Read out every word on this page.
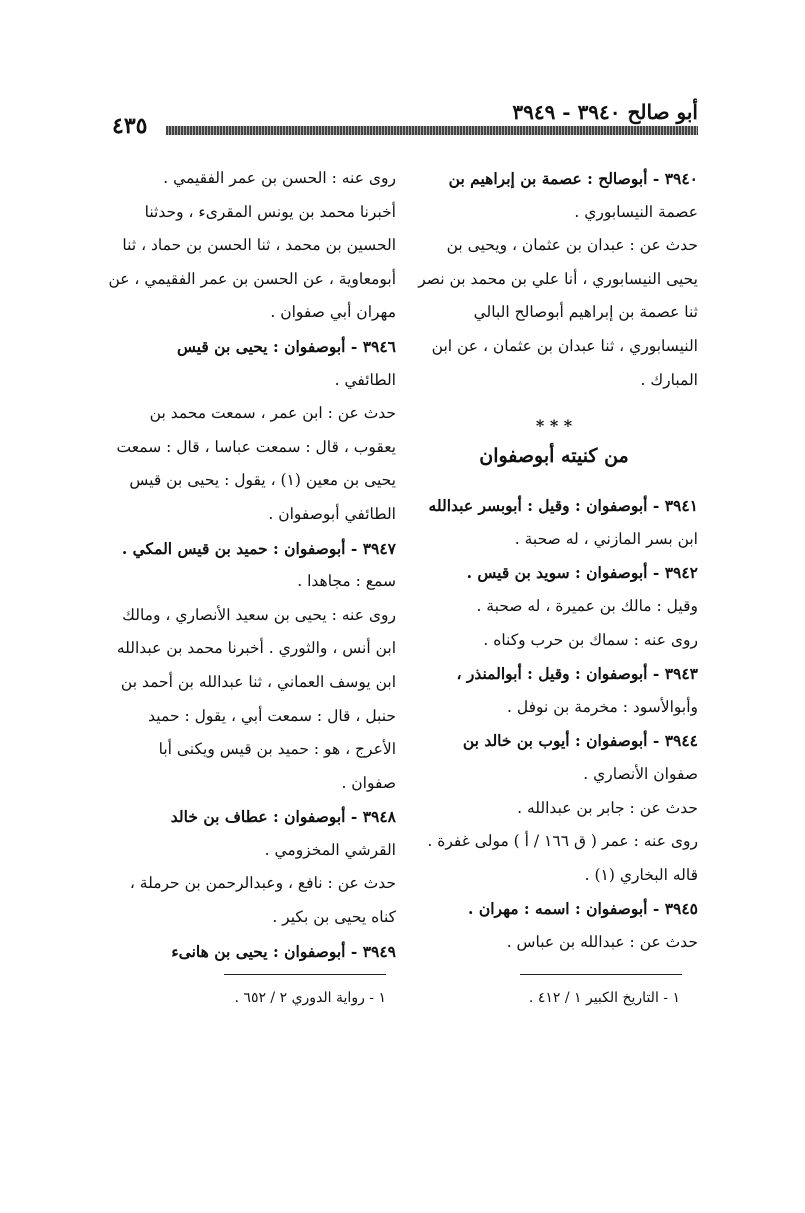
أبو صالح ٣٩٤٠ - ٣٩٤٩
٤٣٥

٣٩٤٠ - أبوصالح : عصمة بن إبراهيم بن

عصمة النيسابوري .

حدث عن : عبدان بن عثمان ، ويحيى بن

يحيى النيسابوري ، أنا علي بن محمد بن نصر

ثنا عصمة بن إبراهيم أبوصالح البالي

النيسابوري ، ثنا عبدان بن عثمان ، عن ابن

المبارك .

* * *
من كنيته أبوصفوان

٣٩٤١ - أبوصفوان : وقيل : أبوبسر عبدالله

ابن بسر المازني ، له صحبة .

٣٩٤٢ - أبوصفوان : سويد بن قيس .

وقيل : مالك بن عميرة ، له صحبة .

روى عنه : سماك بن حرب وكناه .

٣٩٤٣ - أبوصفوان : وقيل : أبوالمنذر ،

وأبوالأسود : مخرمة بن نوفل .

٣٩٤٤ - أبوصفوان : أيوب بن خالد بن

صفوان الأنصاري .

حدث عن : جابر بن عبدالله .

روى عنه : عمر ( ق ١٦٦ / أ ) مولى غفرة .

قاله البخاري (١) .

٣٩٤٥ - أبوصفوان : اسمه : مهران .

حدث عن : عبدالله بن عباس .

روى عنه : الحسن بن عمر الفقيمي .

أخبرنا محمد بن يونس المقرىء ، وحدثنا

الحسين بن محمد ، ثنا الحسن بن حماد ، ثنا

أبومعاوية ، عن الحسن بن عمر الفقيمي ، عن

مهران أبي صفوان .

٣٩٤٦ - أبوصفوان : يحيى بن قيس

الطائفي .

حدث عن : ابن عمر ، سمعت محمد بن

يعقوب ، قال : سمعت عباسا ، قال : سمعت

يحيى بن معين (١) ، يقول : يحيى بن قيس

الطائفي أبوصفوان .

٣٩٤٧ - أبوصفوان : حميد بن قيس المكي .

سمع : مجاهدا .

روى عنه : يحيى بن سعيد الأنصاري ، ومالك

ابن أنس ، والثوري . أخبرنا محمد بن عبدالله

ابن يوسف العماني ، ثنا عبدالله بن أحمد بن

حنبل ، قال : سمعت أبي ، يقول : حميد

الأعرج ، هو : حميد بن قيس ويكنى أبا

صفوان .

٣٩٤٨ - أبوصفوان : عطاف بن خالد

القرشي المخزومي .

حدث عن : نافع ، وعبدالرحمن بن حرملة ،

كناه يحيى بن بكير .

٣٩٤٩ - أبوصفوان : يحيى بن هانىء

١ - التاريخ الكبير ١ / ٤١٢ .
١ - رواية الدوري ٢ / ٦٥٢ .
